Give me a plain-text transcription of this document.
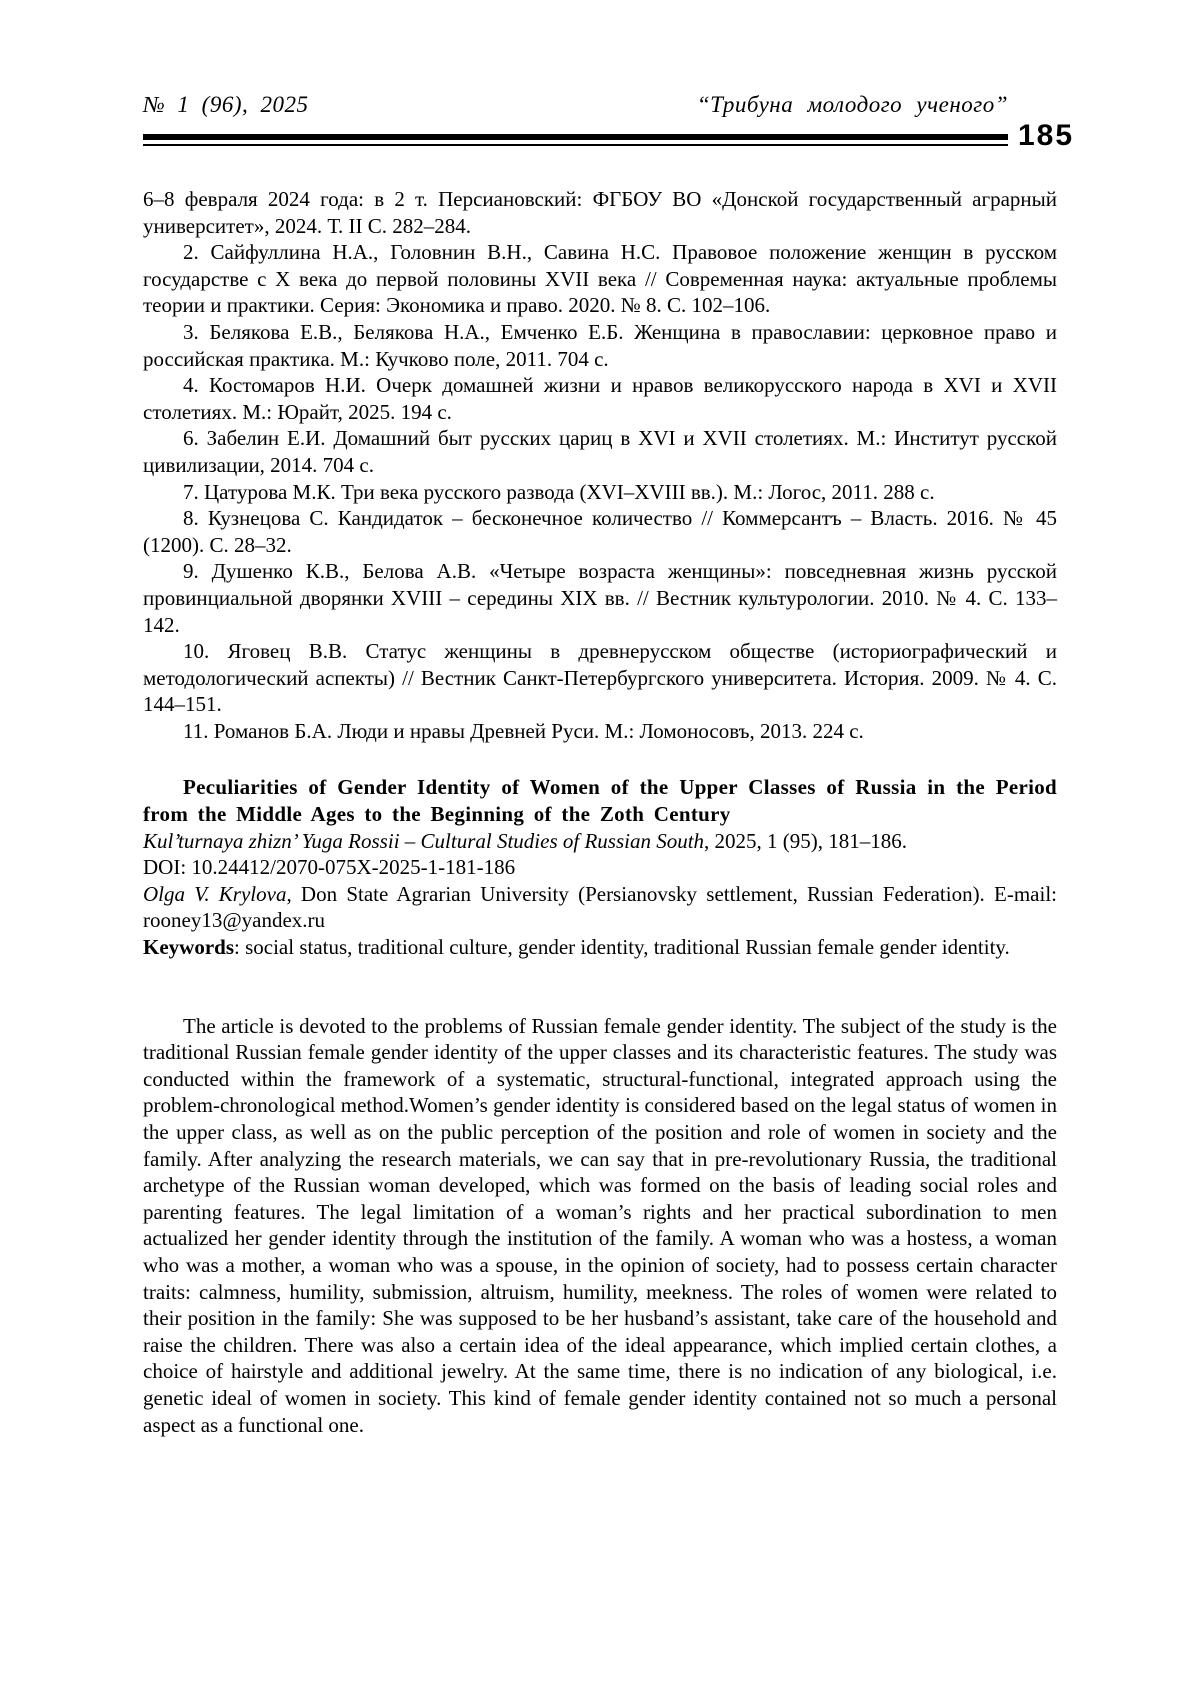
№ 1 (96), 2025	“Трибуна молодого ученого”
185

6–8 февраля 2024 года: в 2 т. Персиановский: ФГБОУ ВО «Донской государственный аграрный университет», 2024. Т. II С. 282–284.

2. Сайфуллина Н.А., Головнин В.Н., Савина Н.С. Правовое положение женщин в русском государстве с X века до первой половины XVII века // Современная наука: актуальные проблемы теории и практики. Серия: Экономика и право. 2020. № 8. С. 102–106.

3. Белякова Е.В., Белякова Н.А., Емченко Е.Б. Женщина в православии: церковное право и российская практика. М.: Кучково поле, 2011. 704 с.

4. Костомаров Н.И. Очерк домашней жизни и нравов великорусского народа в XVI и XVII столетиях. М.: Юрайт, 2025. 194 с.

6. Забелин Е.И. Домашний быт русских цариц в XVI и XVII столетиях. М.: Институт русской цивилизации, 2014. 704 с.

7. Цатурова М.К. Три века русского развода (XVI–XVIII вв.). М.: Логос, 2011. 288 с.

8. Кузнецова С. Кандидаток – бесконечное количество // Коммерсантъ – Власть. 2016. № 45 (1200). С. 28–32.

9. Душенко К.В., Белова А.В. «Четыре возраста женщины»: повседневная жизнь русской провинциальной дворянки XVIII – середины XIX вв. // Вестник культурологии. 2010. № 4. С. 133–142.

10. Яговец В.В. Статус женщины в древнерусском обществе (историографический и методологический аспекты) // Вестник Санкт-Петербургского университета. История. 2009. № 4. С. 144–151.

11. Романов Б.А. Люди и нравы Древней Руси. М.: Ломоносовъ, 2013. 224 с.

Peculiarities of Gender Identity of Women of the Upper Classes of Russia in the Period from the Middle Ages to the Beginning of the Zoth Century

Kul’turnaya zhizn’ Yuga Rossii – Cultural Studies of Russian South, 2025, 1 (95), 181–186.

DOI: 10.24412/2070-075X-2025-1-181-186

Olga V. Krylova, Don State Agrarian University (Persianovsky settlement, Russian Federation). E-mail: rooney13@yandex.ru

Keywords: social status, traditional culture, gender identity, traditional Russian female gender identity.

The article is devoted to the problems of Russian female gender identity. The subject of the study is the traditional Russian female gender identity of the upper classes and its characteristic features. The study was conducted within the framework of a systematic, structural-functional, integrated approach using the problem-chronological method.Women’s gender identity is considered based on the legal status of women in the upper class, as well as on the public perception of the position and role of women in society and the family. After analyzing the research materials, we can say that in pre-revolutionary Russia, the traditional archetype of the Russian woman developed, which was formed on the basis of leading social roles and parenting features. The legal limitation of a woman’s rights and her practical subordination to men actualized her gender identity through the institution of the family. A woman who was a hostess, a woman who was a mother, a woman who was a spouse, in the opinion of society, had to possess certain character traits: calmness, humility, submission, altruism, humility, meekness. The roles of women were related to their position in the family: She was supposed to be her husband’s assistant, take care of the household and raise the children. There was also a certain idea of the ideal appearance, which implied certain clothes, a choice of hairstyle and additional jewelry. At the same time, there is no indication of any biological, i.e. genetic ideal of women in society. This kind of female gender identity contained not so much a personal aspect as a functional one.
